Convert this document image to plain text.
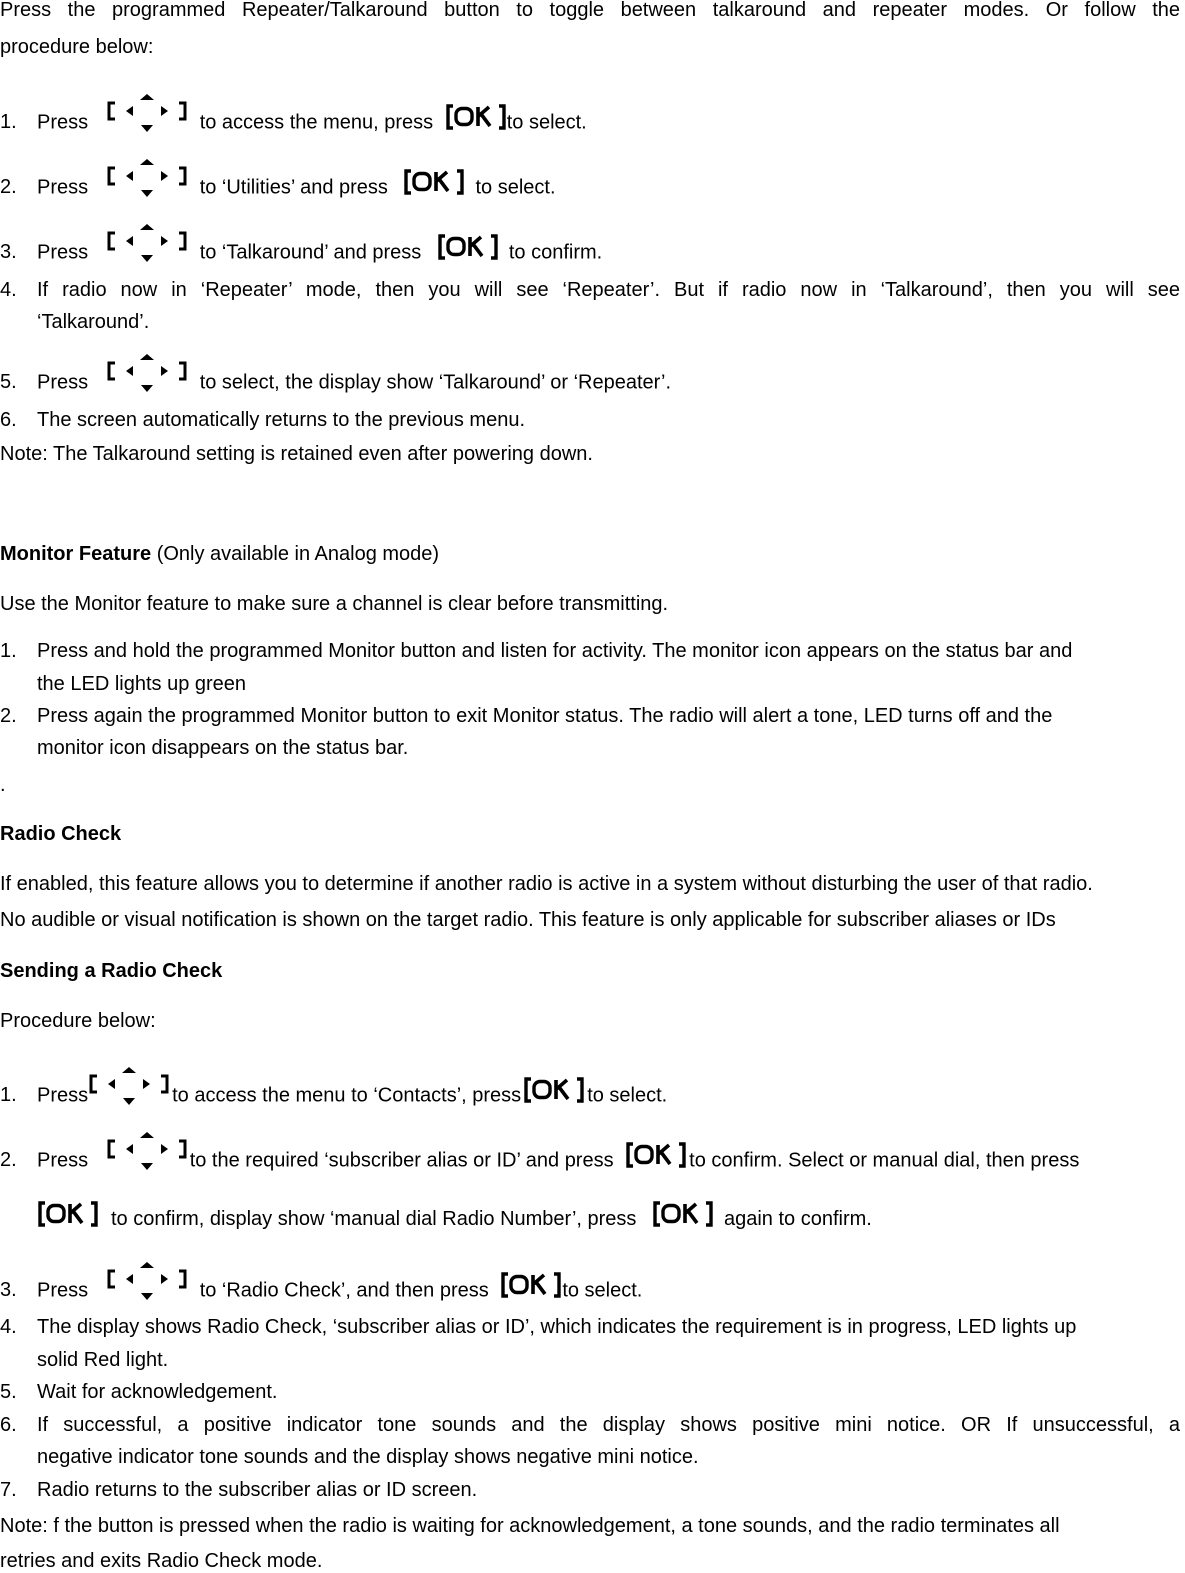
Press the programmed Repeater/Talkaround button to toggle between talkaround and repeater modes. Or follow the
procedure below:
1. Press	to access the menu, press	to select.
2. Press	to ‘Utilities’ and press	to select.
3. Press	to ‘Talkaround’ and press	to confirm.
4. If radio now in ‘Repeater’ mode, then you will see ‘Repeater’. But if radio now in ‘Talkaround’, then you will see
‘Talkaround’.
5. Press	to select, the display show ‘Talkaround’ or ‘Repeater’.
6. The screen automatically returns to the previous menu.
Note: The Talkaround setting is retained even after powering down.
Monitor Feature (Only available in Analog mode)
Use the Monitor feature to make sure a channel is clear before transmitting.
1. Press and hold the programmed Monitor button and listen for activity. The monitor icon appears on the status bar and
the LED lights up green
2. Press again the programmed Monitor button to exit Monitor status. The radio will alert a tone, LED turns off and the
monitor icon disappears on the status bar.
.
Radio Check
If enabled, this feature allows you to determine if another radio is active in a system without disturbing the user of that radio.
No audible or visual notification is shown on the target radio. This feature is only applicable for subscriber aliases or IDs
Sending a Radio Check
Procedure below:
1. Press	to access the menu to ‘Contacts’, press	to select.
2. Press	to the required ‘subscriber alias or ID’ and press	to confirm. Select or manual dial, then press
to confirm, display show ‘manual dial Radio Number’, press	again to confirm.
3. Press	to ‘Radio Check’, and then press	to select.
4. The display shows Radio Check, ‘subscriber alias or ID’, which indicates the requirement is in progress, LED lights up
solid Red light.
5. Wait for acknowledgement.
6. If successful, a positive indicator tone sounds and the display shows positive mini notice. OR If unsuccessful, a
negative indicator tone sounds and the display shows negative mini notice.
7. Radio returns to the subscriber alias or ID screen.
Note: f the button is pressed when the radio is waiting for acknowledgement, a tone sounds, and the radio terminates all
retries and exits Radio Check mode.
